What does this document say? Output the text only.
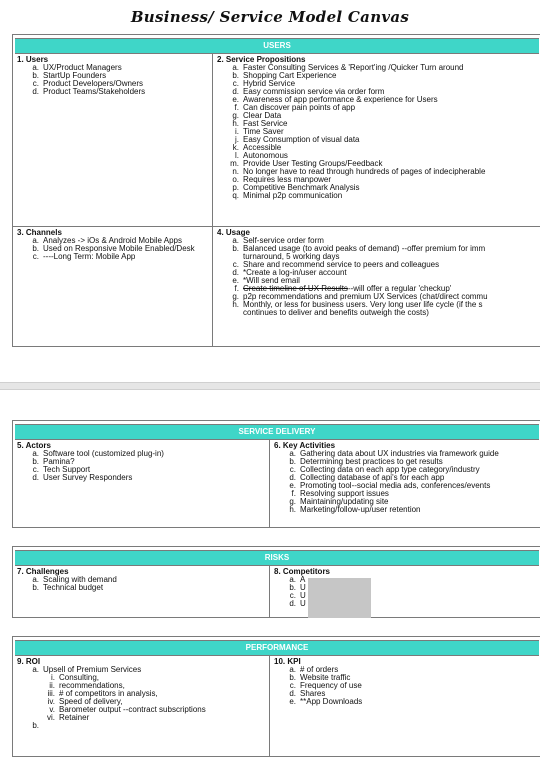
Business/ Service Model Canvas
USERS
1. Users
a. UX/Product Managers
b. StartUp Founders
c. Product Developers/Owners
d. Product Teams/Stakeholders
2. Service Propositions
a. Faster Consulting Services & 'Report'ing /Quicker Turn around
b. Shopping Cart Experience
c. Hybrid Service
d. Easy commission service via order form
e. Awareness of app performance & experience for Users
f. Can discover pain points of app
g. Clear Data
h. Fast Service
i. Time Saver
j. Easy Consumption of visual data
k. Accessible
l. Autonomous
m. Provide User Testing Groups/Feedback
n. No longer have to read through hundreds of pages of indecipherable
o. Requires less manpower
p. Competitive Benchmark Analysis
q. Minimal p2p communication
3. Channels
a. Analyzes -> iOs & Android Mobile Apps
b. Used on Responsive Mobile Enabled/Desk
c. ----Long Term: Mobile App
4. Usage
a. Self-service order form
b. Balanced usage (to avoid peaks of demand) --offer premium for imm
turnaround, 5 working days
c. Share and recommend service to peers and colleagues
d. *Create a log-in/user account
e. *Will send email
f. Create timeline of UX Results --will offer a regular 'checkup'
g. p2p recommendations and premium UX Services (chat/direct commu
h. Monthly, or less for business users. Very long user life cycle (if the s
continues to deliver and benefits outweigh the costs)
SERVICE DELIVERY
5. Actors
a. Software tool (customized plug-in)
b. Pamina?
c. Tech Support
d. User Survey Responders
6. Key Activities
a. Gathering data about UX industries via framework guide
b. Determining best practices to get results
c. Collecting data on each app type category/industry
d. Collecting database of api's for each app
e. Promoting tool--social media ads, conferences/events
f. Resolving support issues
g. Maintaining/updating site
h. Marketing/follow-up/user retention
RISKS
7. Challenges
a. Scaling with demand
b. Technical budget
8. Competitors
a. A
b. U
c. U
d. U
PERFORMANCE
9. ROI
a. Upsell of Premium Services
i. Consulting,
ii. recommendations,
iii. # of competitors in analysis,
iv. Speed of delivery,
v. Barometer output --contract subscriptions
vi. Retainer
b.
10. KPI
a. # of orders
b. Website traffic
c. Frequency of use
d. Shares
e. **App Downloads
